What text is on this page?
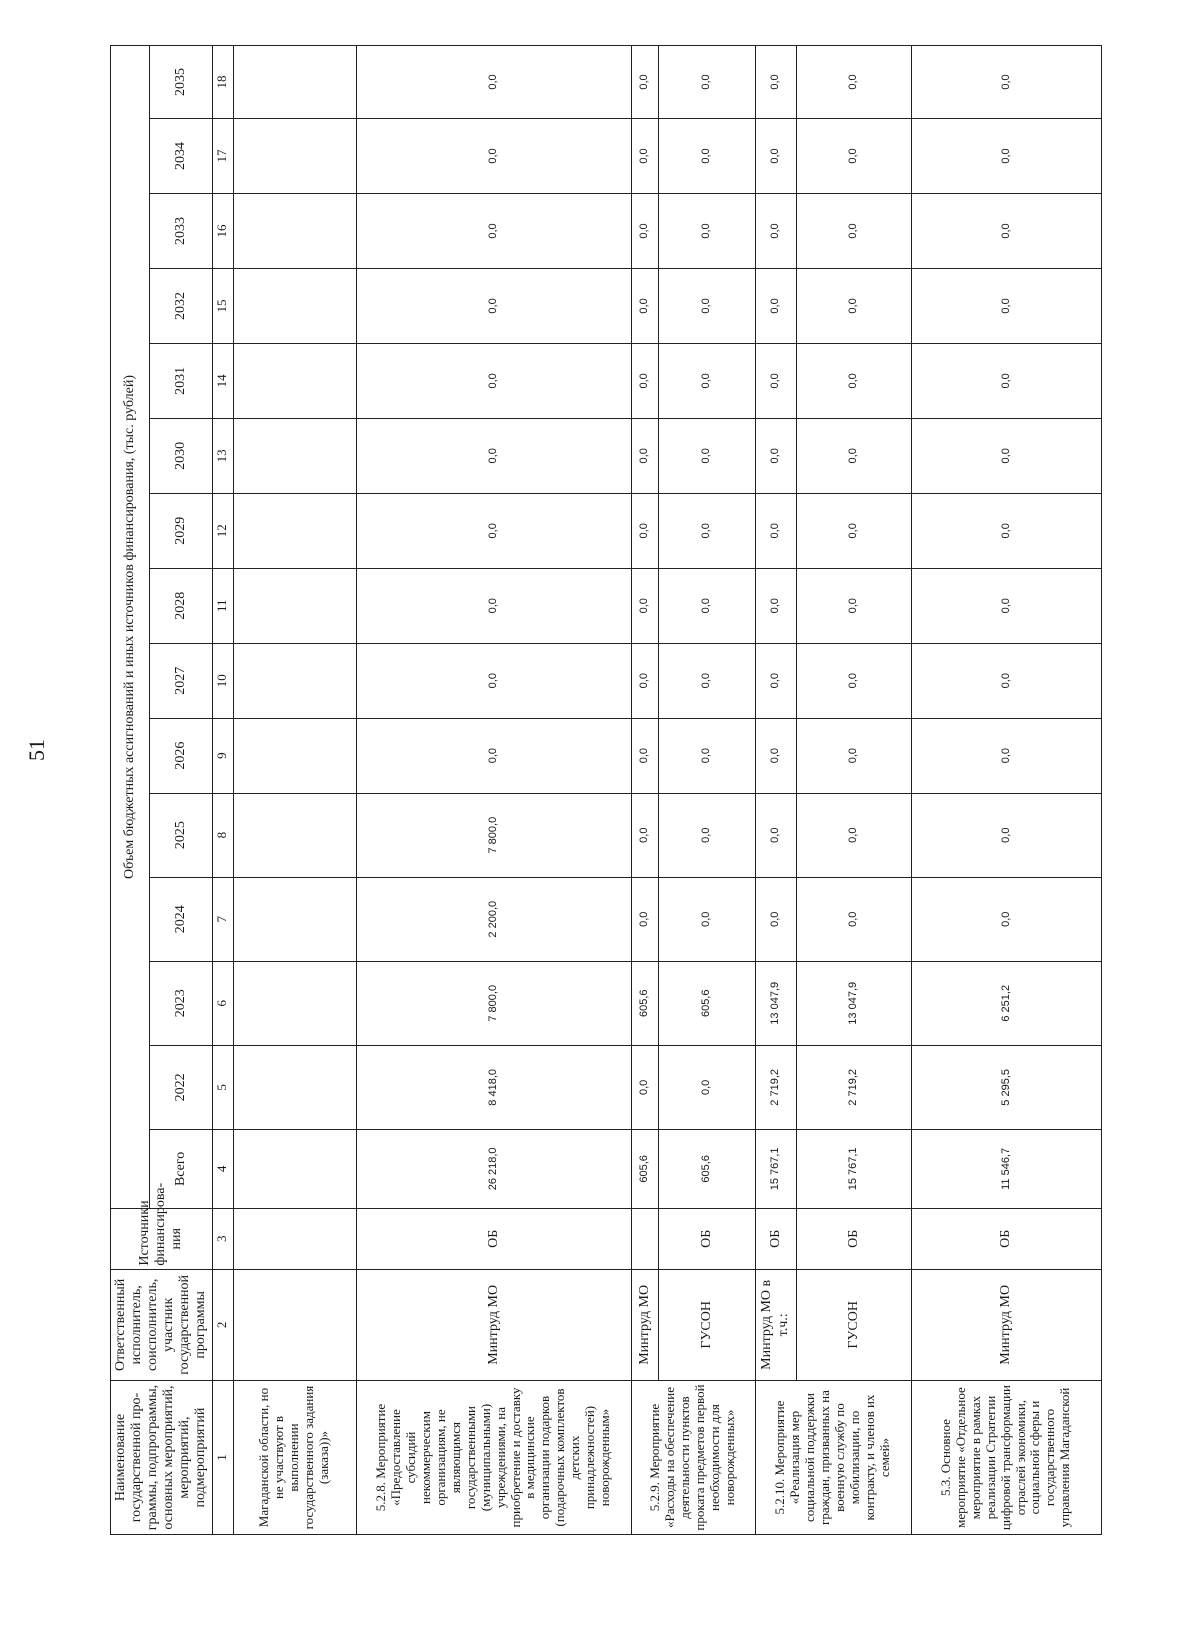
51
Наименование государственной про-граммы, подпрограммы, основных мероприятий, мероприятий, подмероприятий	Ответственный исполнитель, соисполнитель, участник государственной программы	Источники финансирова-ния	Объем бюджетных ассигнований и иных источников финансирования, (тыс. рублей)														
			Всего	2022	2023	2024	2025	2026	2027	2028	2029	2030	2031	2032	2033	2034	2035
1	2	3	4	5	6	7	8	9	10	11	12	13	14	15	16	17	18
Магаданской области, но не участвуют в выполнении государственного задания (заказа))»																	
5.2.8. Мероприятие «Предоставление субсидий некоммерческим организациям, не являющимся государственными (муниципальными) учреждениями, на приобретение и доставку в медицинские организации подарков (подарочных комплектов детских принадлежностей) новорожденным»	Минтруд МО	ОБ	26 218,0	8 418,0	7 800,0	2 200,0	7 800,0	0,0	0,0	0,0	0,0	0,0	0,0	0,0	0,0	0,0	0,0
5.2.9. Мероприятие «Расходы на обеспечение деятельности пунктов проката предметов первой необходимости для новорожденных»	Минтруд МО		605,6	0,0	605,6	0,0	0,0	0,0	0,0	0,0	0,0	0,0	0,0	0,0	0,0	0,0	0,0
	ГУСОН	ОБ	605,6	0,0	605,6	0,0	0,0	0,0	0,0	0,0	0,0	0,0	0,0	0,0	0,0	0,0	0,0
5.2.10. Мероприятие «Реализация мер социальной поддержки граждан, призванных на военную службу по мобилизации, по контракту, и членов их семей»	Минтруд МО в т.ч.:	ОБ	15 767,1	2 719,2	13 047,9	0,0	0,0	0,0	0,0	0,0	0,0	0,0	0,0	0,0	0,0	0,0	0,0
	ГУСОН	ОБ	15 767,1	2 719,2	13 047,9	0,0	0,0	0,0	0,0	0,0	0,0	0,0	0,0	0,0	0,0	0,0	0,0
5.3. Основное мероприятие «Отдельное мероприятие в рамках реализации Стратегии цифровой трансформации отраслей экономики, социальной сферы и государственного управления Магаданской	Минтруд МО	ОБ	11 546,7	5 295,5	6 251,2	0,0	0,0	0,0	0,0	0,0	0,0	0,0	0,0	0,0	0,0	0,0	0,0
